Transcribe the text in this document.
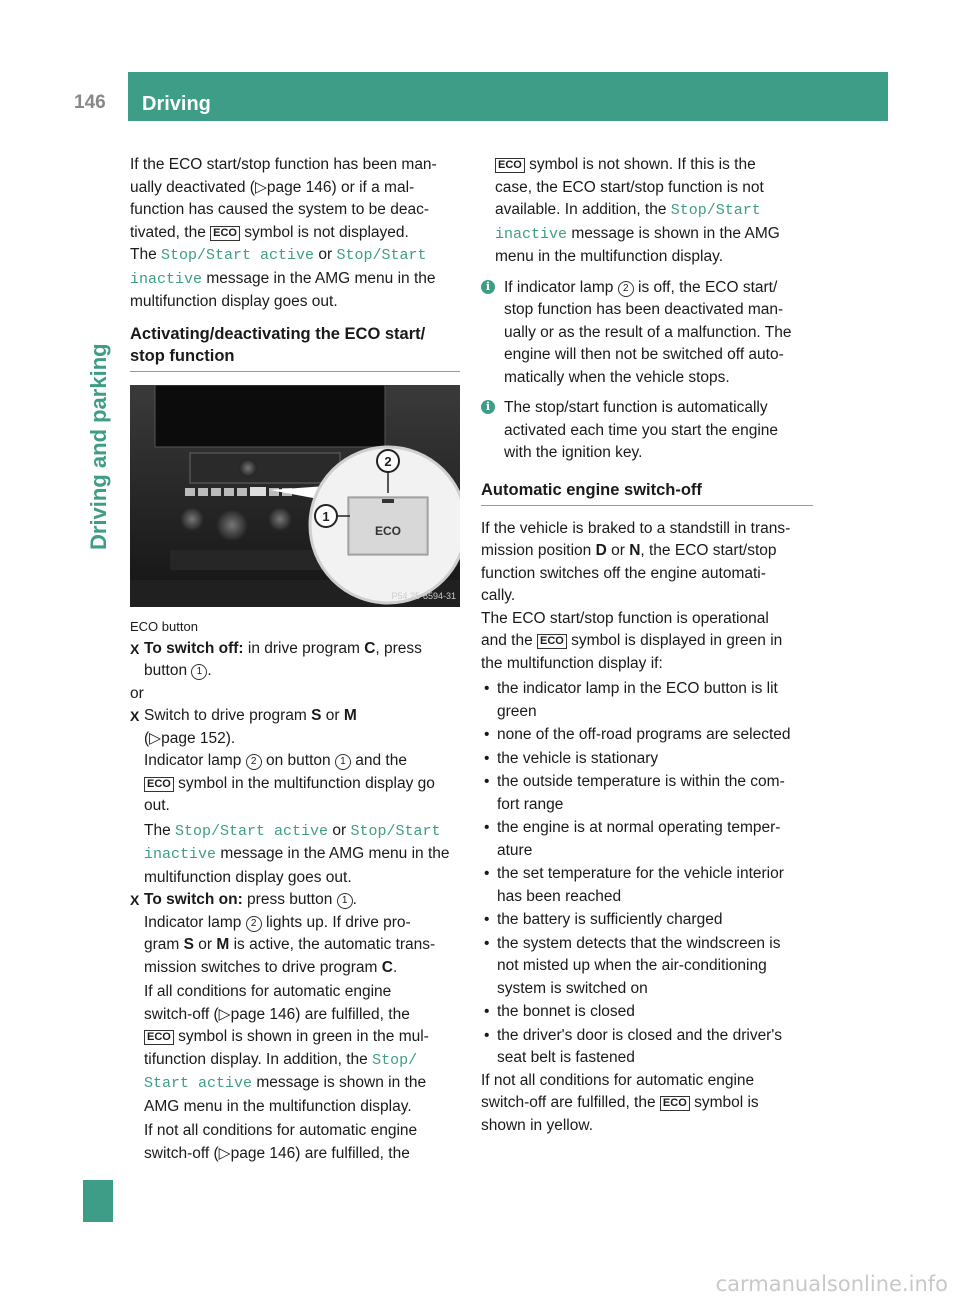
146	Driving
Driving and parking

If the ECO start/stop function has been man-
ually deactivated (▷page 146) or if a mal-
function has caused the system to be deac-
tivated, the ECO symbol is not displayed.

The Stop/Start active or Stop/Start
inactive message in the AMG menu in the
multifunction display goes out.

Activating/deactivating the ECO start/
stop function
ECO
2
1
P54.25-8594-31
ECO button
X To switch off: in drive program C, press
button 1 .

or

X Switch to drive program S or M
(▷page 152).
Indicator lamp 2 on button 1 and the
ECO symbol in the multifunction display go
out.

The Stop/Start active or Stop/Start
inactive message in the AMG menu in the
multifunction display goes out.

X To switch on: press button 1 .
Indicator lamp 2 lights up. If drive pro-
gram S or M is active, the automatic trans-
mission switches to drive program C.

If all conditions for automatic engine
switch-off (▷page 146) are fulfilled, the
ECO symbol is shown in green in the mul-
tifunction display. In addition, the Stop/
Start active message is shown in the
AMG menu in the multifunction display.

If not all conditions for automatic engine
switch-off (▷page 146) are fulfilled, the

ECO symbol is not shown. If this is the
case, the ECO start/stop function is not
available. In addition, the Stop/Start
inactive message is shown in the AMG
menu in the multifunction display.

i If indicator lamp 2 is off, the ECO start/
stop function has been deactivated man-
ually or as the result of a malfunction. The
engine will then not be switched off auto-
matically when the vehicle stops.
i The stop/start function is automatically
activated each time you start the engine
with the ignition key.
Automatic engine switch-off

If the vehicle is braked to a standstill in trans-
mission position D or N, the ECO start/stop
function switches off the engine automati-
cally.

The ECO start/stop function is operational
and the ECO symbol is displayed in green in
the multifunction display if:

• the indicator lamp in the ECO button is lit
green
• none of the off-road programs are selected
• the vehicle is stationary
• the outside temperature is within the com-
fort range
• the engine is at normal operating temper-
ature
• the set temperature for the vehicle interior
has been reached
• the battery is sufficiently charged
• the system detects that the windscreen is
not misted up when the air-conditioning
system is switched on
• the bonnet is closed
• the driver's door is closed and the driver's
seat belt is fastened

If not all conditions for automatic engine
switch-off are fulfilled, the ECO symbol is
shown in yellow.

carmanualsonline.info
